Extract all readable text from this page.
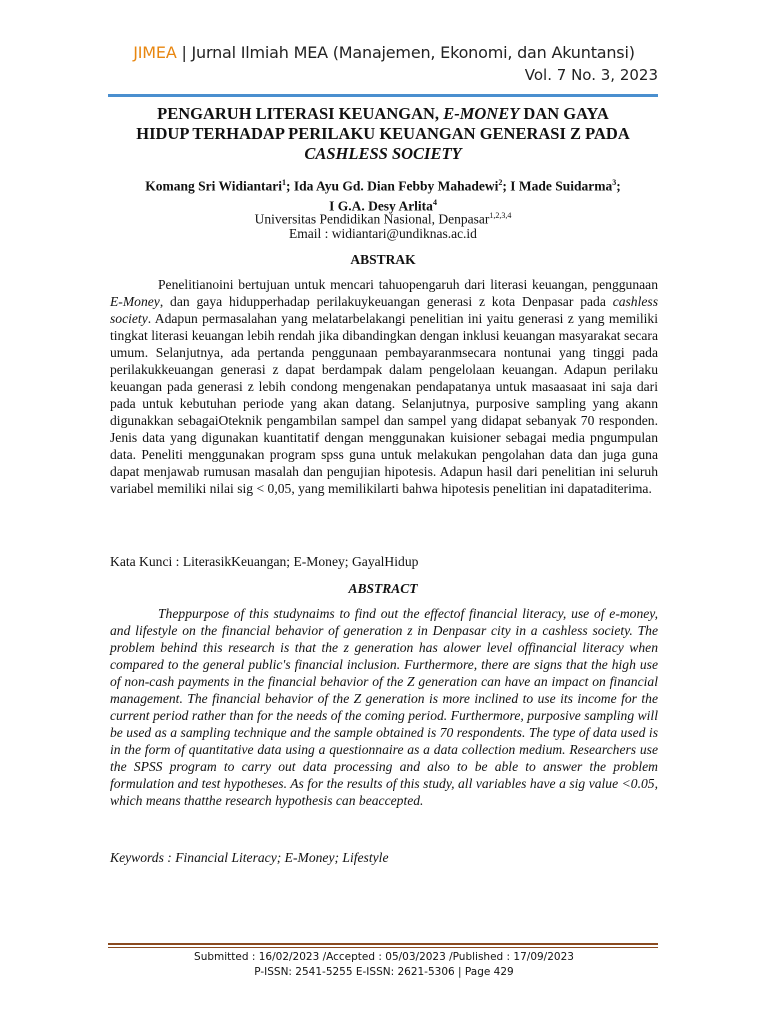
JIMEA | Jurnal Ilmiah MEA (Manajemen, Ekonomi, dan Akuntansi)
Vol. 7 No. 3, 2023
PENGARUH LITERASI KEUANGAN, E-MONEY DAN GAYA
HIDUP TERHADAP PERILAKU KEUANGAN GENERASI Z PADA
CASHLESS SOCIETY
Komang Sri Widiantari$^1$; Ida Ayu Gd. Dian Febby Mahadewi$^2$; I Made Suidarma$^3$;
I G.A. Desy Arlita$^4$
Universitas Pendidikan Nasional, Denpasar$^{1,2,3,4}$
Email : widiantari@undiknas.ac.id
ABSTRAK

Penelitianoini bertujuan untuk mencari tahuopengaruh dari literasi keuangan, penggunaan E-Money, dan gaya hidupperhadap perilakuykeuangan generasi z kota Denpasar pada cashless society. Adapun permasalahan yang melatarbelakangi penelitian ini yaitu generasi z yang memiliki tingkat literasi keuangan lebih rendah jika dibandingkan dengan inklusi keuangan masyarakat secara umum. Selanjutnya, ada pertanda penggunaan pembayaranmsecara nontunai yang tinggi pada perilakukkeuangan generasi z dapat berdampak dalam pengelolaan keuangan. Adapun perilaku keuangan pada generasi z lebih condong mengenakan pendapatanya untuk masaasaat ini saja dari pada untuk kebutuhan periode yang akan datang. Selanjutnya, purposive sampling yang akann digunakkan sebagaiOteknik pengambilan sampel dan sampel yang didapat sebanyak 70 responden. Jenis data yang digunakan kuantitatif dengan menggunakan kuisioner sebagai media pngumpulan data. Peneliti menggunakan program spss guna untuk melakukan pengolahan data dan juga guna dapat menjawab rumusan masalah dan pengujian hipotesis. Adapun hasil dari penelitian ini seluruh variabel memiliki nilai sig < 0,05, yang memilikilarti bahwa hipotesis penelitian ini dapataditerima.

Kata Kunci : LiterasikKeuangan; E-Money; GayalHidup
ABSTRACT

Theppurpose of this studynaims to find out the effectof financial literacy, use of e-money, and lifestyle on the financial behavior of generation z in Denpasar city in a cashless society. The problem behind this research is that the z generation has alower level offinancial literacy when compared to the general public's financial inclusion. Furthermore, there are signs that the high use of non-cash payments in the financial behavior of the Z generation can have an impact on financial management. The financial behavior of the Z generation is more inclined to use its income for the current period rather than for the needs of the coming period. Furthermore, purposive sampling will be used as a sampling technique and the sample obtained is 70 respondents. The type of data used is in the form of quantitative data using a questionnaire as a data collection medium. Researchers use the SPSS program to carry out data processing and also to be able to answer the problem formulation and test hypotheses. As for the results of this study, all variables have a sig value <0.05, which means thatthe research hypothesis can beaccepted.

Keywords : Financial Literacy; E-Money; Lifestyle
Submitted : 16/02/2023 /Accepted : 05/03/2023 /Published : 17/09/2023
P-ISSN: 2541-5255 E-ISSN: 2621-5306 | Page 429
